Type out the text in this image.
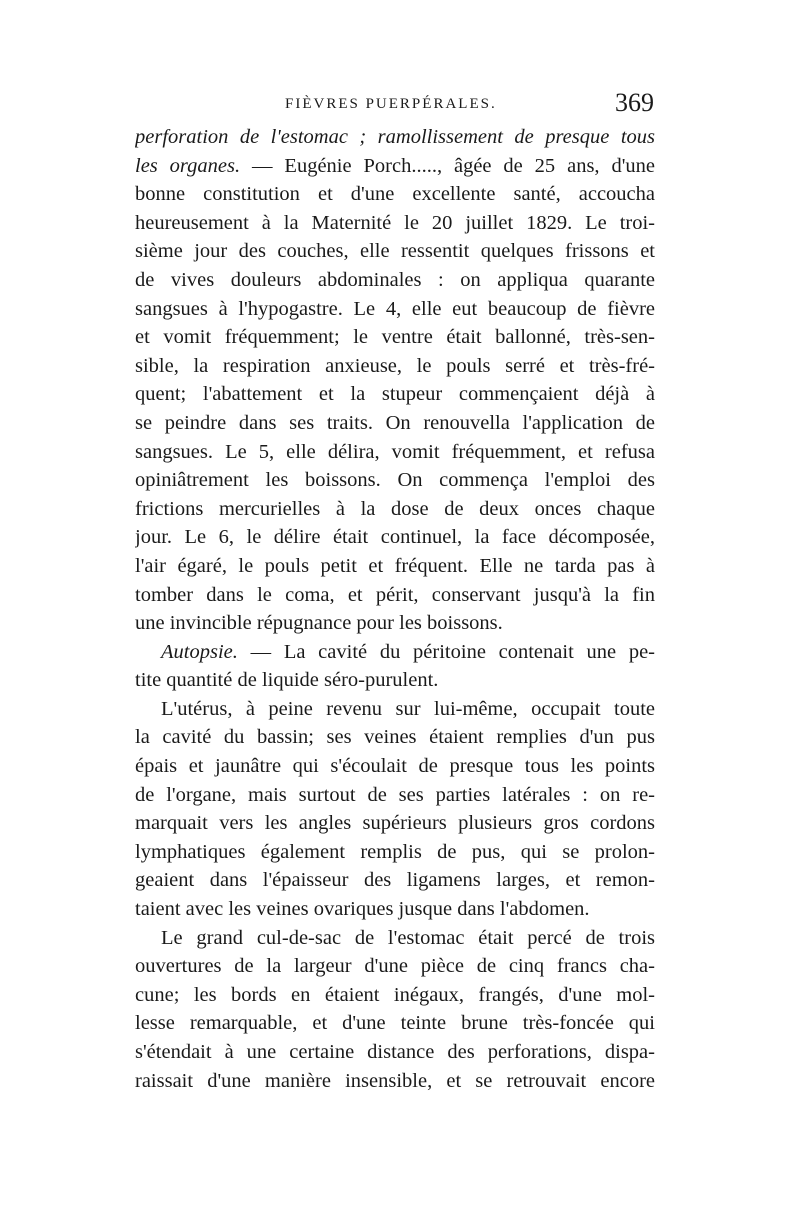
FIÈVRES PUERPÉRALES.	369
perforation de l'estomac ; ramollissement de presque tous
les organes. — Eugénie Porch....., âgée de 25 ans, d'une
bonne constitution et d'une excellente santé, accoucha
heureusement à la Maternité le 20 juillet 1829. Le troi-
sième jour des couches, elle ressentit quelques frissons et
de vives douleurs abdominales : on appliqua quarante
sangsues à l'hypogastre. Le 4, elle eut beaucoup de fièvre
et vomit fréquemment; le ventre était ballonné, très-sen-
sible, la respiration anxieuse, le pouls serré et très-fré-
quent; l'abattement et la stupeur commençaient déjà à
se peindre dans ses traits. On renouvella l'application de
sangsues. Le 5, elle délira, vomit fréquemment, et refusa
opiniâtrement les boissons. On commença l'emploi des
frictions mercurielles à la dose de deux onces chaque
jour. Le 6, le délire était continuel, la face décomposée,
l'air égaré, le pouls petit et fréquent. Elle ne tarda pas à
tomber dans le coma, et périt, conservant jusqu'à la fin
une invincible répugnance pour les boissons.
Autopsie. — La cavité du péritoine contenait une pe-
tite quantité de liquide séro-purulent.
L'utérus, à peine revenu sur lui-même, occupait toute
la cavité du bassin; ses veines étaient remplies d'un pus
épais et jaunâtre qui s'écoulait de presque tous les points
de l'organe, mais surtout de ses parties latérales : on re-
marquait vers les angles supérieurs plusieurs gros cordons
lymphatiques également remplis de pus, qui se prolon-
geaient dans l'épaisseur des ligamens larges, et remon-
taient avec les veines ovariques jusque dans l'abdomen.
Le grand cul-de-sac de l'estomac était percé de trois
ouvertures de la largeur d'une pièce de cinq francs cha-
cune; les bords en étaient inégaux, frangés, d'une mol-
lesse remarquable, et d'une teinte brune très-foncée qui
s'étendait à une certaine distance des perforations, dispa-
raissait d'une manière insensible, et se retrouvait encore
